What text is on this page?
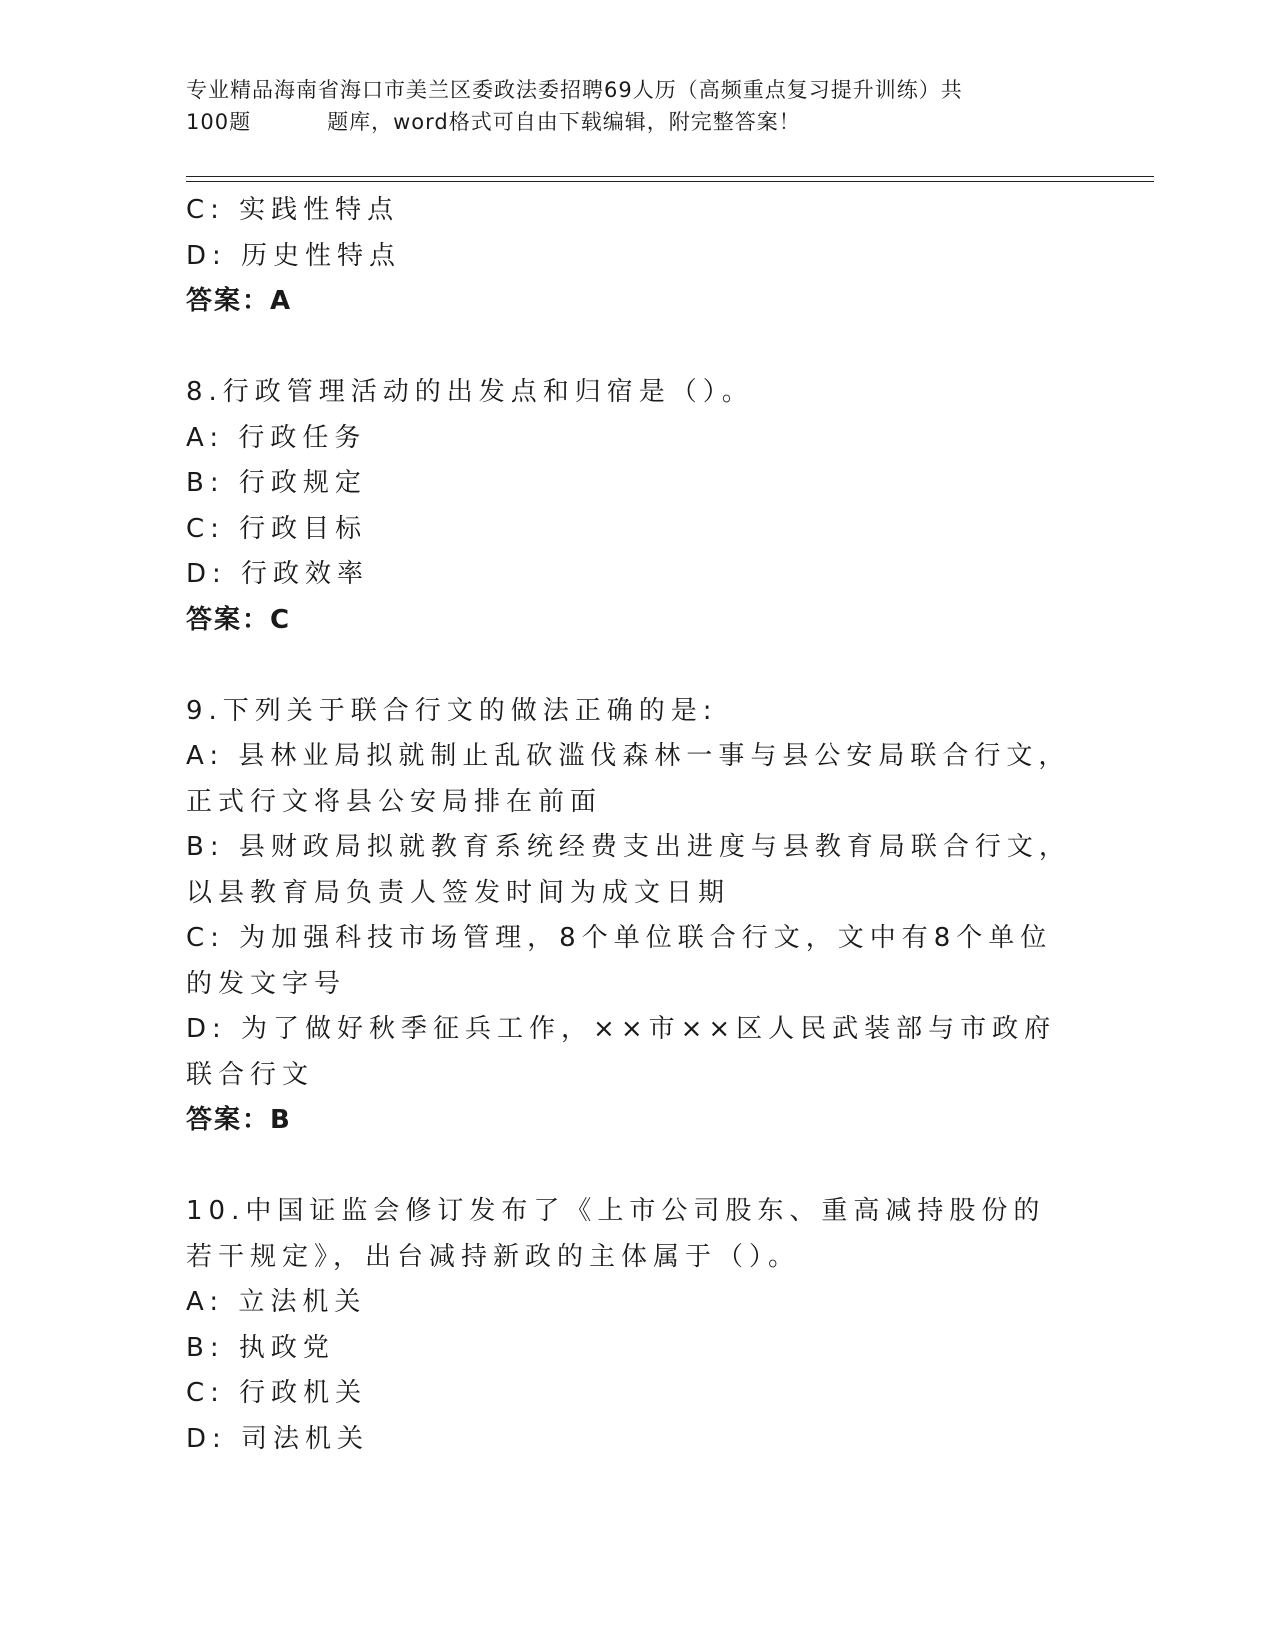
专业精品海南省海口市美兰区委政法委招聘69人历（高频重点复习提升训练）共
100题	题库，word格式可自由下载编辑，附完整答案！
C: 实践性特点
D: 历史性特点
答案：A
8.行政管理活动的出发点和归宿是（）。
A: 行政任务
B: 行政规定
C: 行政目标
D: 行政效率
答案：C
9.下列关于联合行文的做法正确的是:
A: 县林业局拟就制止乱砍滥伐森林一事与县公安局联合行文，正式行文将县公安局排在前面
B: 县财政局拟就教育系统经费支出进度与县教育局联合行文，以县教育局负责人签发时间为成文日期
C: 为加强科技市场管理，8个单位联合行文，文中有8个单位的发文字号
D: 为了做好秋季征兵工作，××市××区人民武装部与市政府联合行文
答案：B
10.中国证监会修订发布了《上市公司股东、重高减持股份的若干规定》，出台减持新政的主体属于（）。
A: 立法机关
B: 执政党
C: 行政机关
D: 司法机关
